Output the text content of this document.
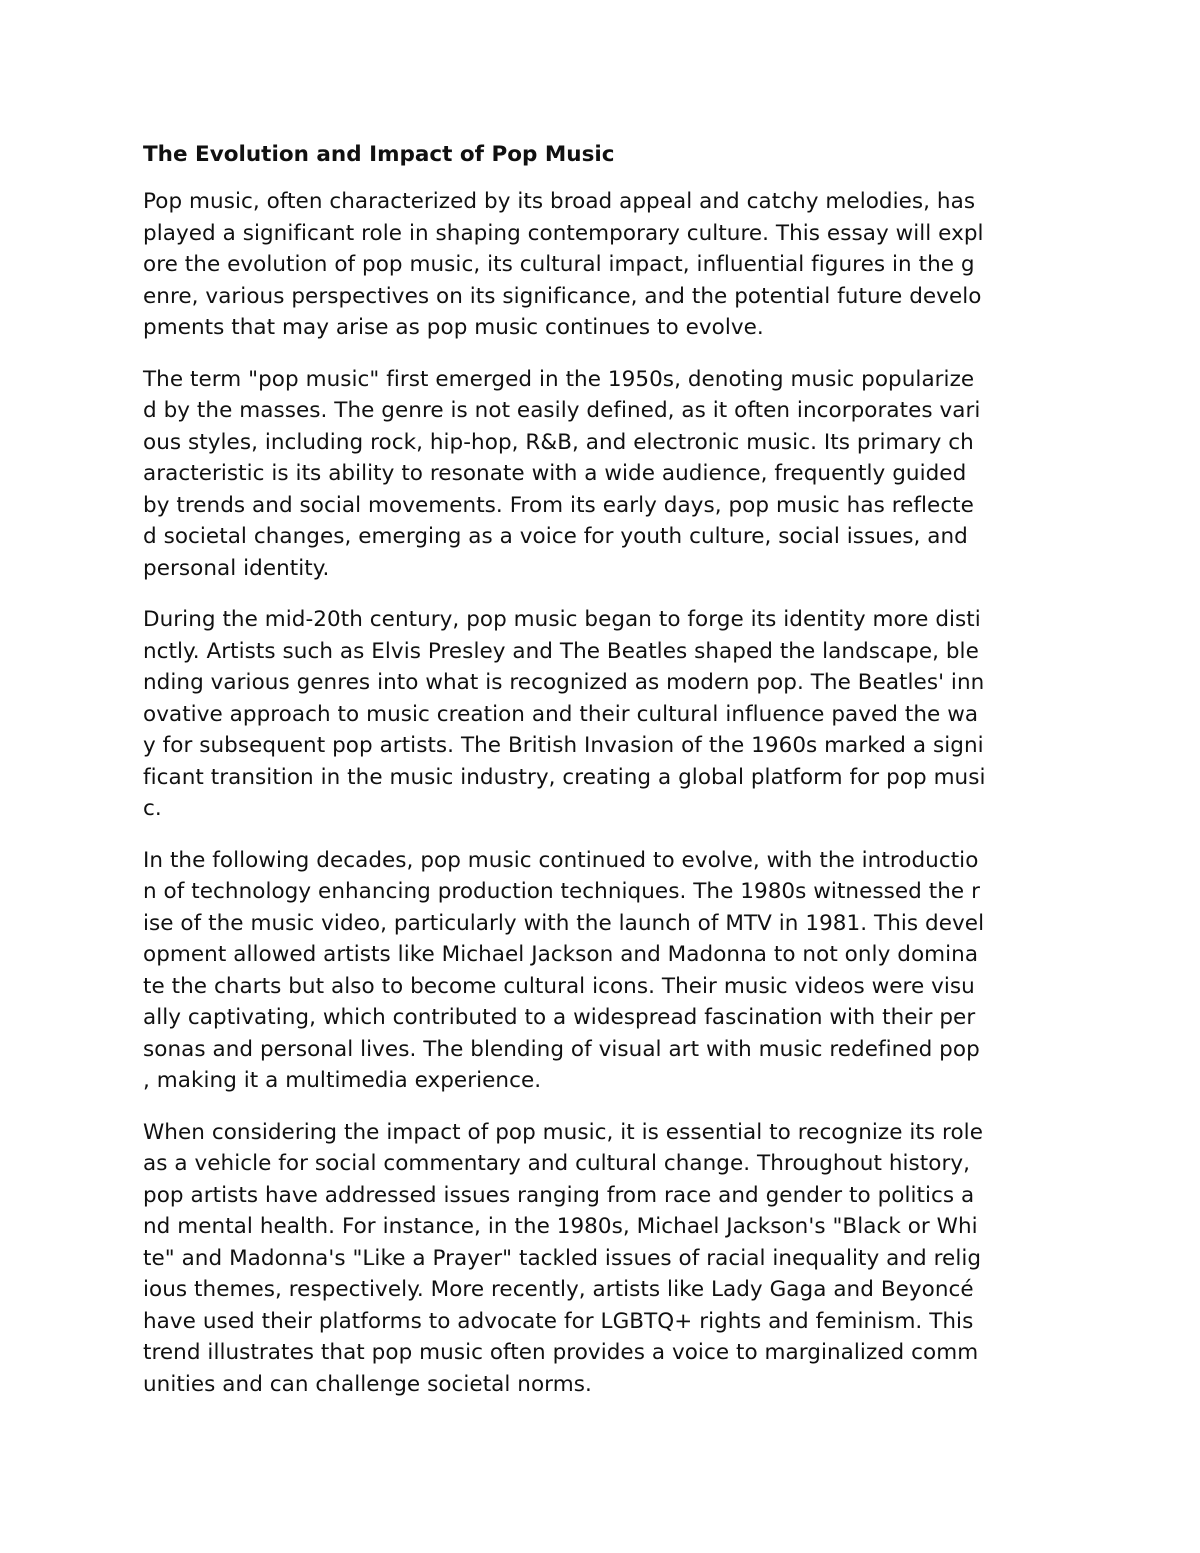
The Evolution and Impact of Pop Music
Pop music, often characterized by its broad appeal and catchy melodies, has
played a significant role in shaping contemporary culture. This essay will expl
ore the evolution of pop music, its cultural impact, influential figures in the g
enre, various perspectives on its significance, and the potential future develo
pments that may arise as pop music continues to evolve.
The term "pop music" first emerged in the 1950s, denoting music popularize
d by the masses. The genre is not easily defined, as it often incorporates vari
ous styles, including rock, hip-hop, R&B, and electronic music. Its primary ch
aracteristic is its ability to resonate with a wide audience, frequently guided
by trends and social movements. From its early days, pop music has reflecte
d societal changes, emerging as a voice for youth culture, social issues, and
personal identity.
During the mid-20th century, pop music began to forge its identity more disti
nctly. Artists such as Elvis Presley and The Beatles shaped the landscape, ble
nding various genres into what is recognized as modern pop. The Beatles' inn
ovative approach to music creation and their cultural influence paved the wa
y for subsequent pop artists. The British Invasion of the 1960s marked a signi
ficant transition in the music industry, creating a global platform for pop musi
c.
In the following decades, pop music continued to evolve, with the introductio
n of technology enhancing production techniques. The 1980s witnessed the r
ise of the music video, particularly with the launch of MTV in 1981. This devel
opment allowed artists like Michael Jackson and Madonna to not only domina
te the charts but also to become cultural icons. Their music videos were visu
ally captivating, which contributed to a widespread fascination with their per
sonas and personal lives. The blending of visual art with music redefined pop
, making it a multimedia experience.
When considering the impact of pop music, it is essential to recognize its role
as a vehicle for social commentary and cultural change. Throughout history,
pop artists have addressed issues ranging from race and gender to politics a
nd mental health. For instance, in the 1980s, Michael Jackson's "Black or Whi
te" and Madonna's "Like a Prayer" tackled issues of racial inequality and relig
ious themes, respectively. More recently, artists like Lady Gaga and Beyoncé
have used their platforms to advocate for LGBTQ+ rights and feminism. This
trend illustrates that pop music often provides a voice to marginalized comm
unities and can challenge societal norms.
